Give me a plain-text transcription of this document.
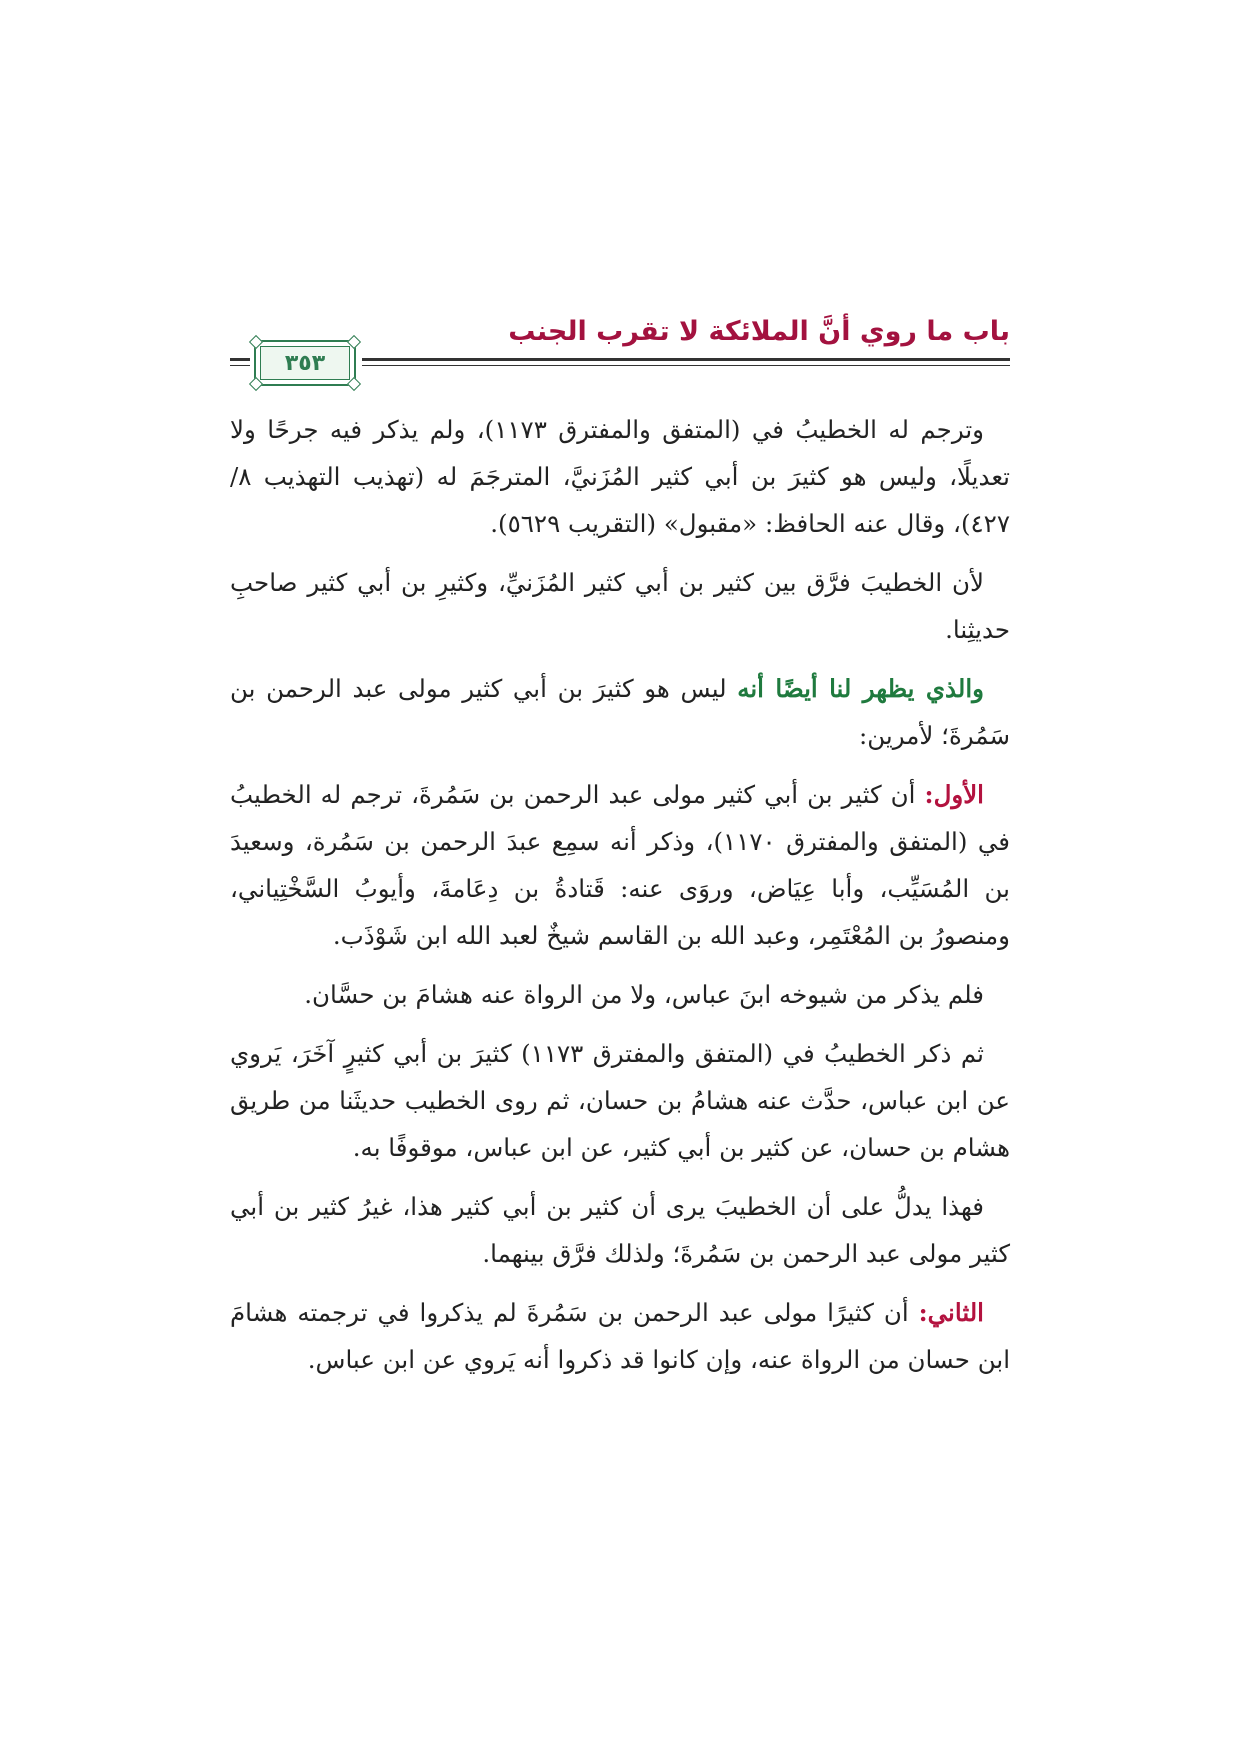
باب ما روي أنَّ الملائكة لا تقرب الجنب
٣٥٣

وترجم له الخطيبُ في (المتفق والمفترق ١١٧٣)، ولم يذكر فيه جرحًا ولا تعديلًا، وليس هو كثيرَ بن أبي كثير المُزَنيَّ، المترجَمَ له (تهذيب التهذيب ٨/ ٤٢٧)، وقال عنه الحافظ: «مقبول» (التقريب ٥٦٢٩).

لأن الخطيبَ فرَّق بين كثير بن أبي كثير المُزَنيِّ، وكثيرِ بن أبي كثير صاحبِ حديثِنا.

والذي يظهر لنا أيضًا أنه ليس هو كثيرَ بن أبي كثير مولى عبد الرحمن بن سَمُرةَ؛ لأمرين:

الأول: أن كثير بن أبي كثير مولى عبد الرحمن بن سَمُرةَ، ترجم له الخطيبُ في (المتفق والمفترق ١١٧٠)، وذكر أنه سمِع عبدَ الرحمن بن سَمُرة، وسعيدَ بن المُسَيِّب، وأبا عِيَاض، وروَى عنه: قَتادةُ بن دِعَامةَ، وأيوبُ السَّخْتِياني، ومنصورُ بن المُعْتَمِر، وعبد الله بن القاسم شيخٌ لعبد الله ابن شَوْذَب.

فلم يذكر من شيوخه ابنَ عباس، ولا من الرواة عنه هشامَ بن حسَّان.

ثم ذكر الخطيبُ في (المتفق والمفترق ١١٧٣) كثيرَ بن أبي كثيرٍ آخَرَ، يَروي عن ابن عباس، حدَّث عنه هشامُ بن حسان، ثم روى الخطيب حديثَنا من طريق هشام بن حسان، عن كثير بن أبي كثير، عن ابن عباس، موقوفًا به.

فهذا يدلُّ على أن الخطيبَ يرى أن كثير بن أبي كثير هذا، غيرُ كثير بن أبي كثير مولى عبد الرحمن بن سَمُرةَ؛ ولذلك فرَّق بينهما.

الثاني: أن كثيرًا مولى عبد الرحمن بن سَمُرةَ لم يذكروا في ترجمته هشامَ ابن حسان من الرواة عنه، وإن كانوا قد ذكروا أنه يَروي عن ابن عباس.
